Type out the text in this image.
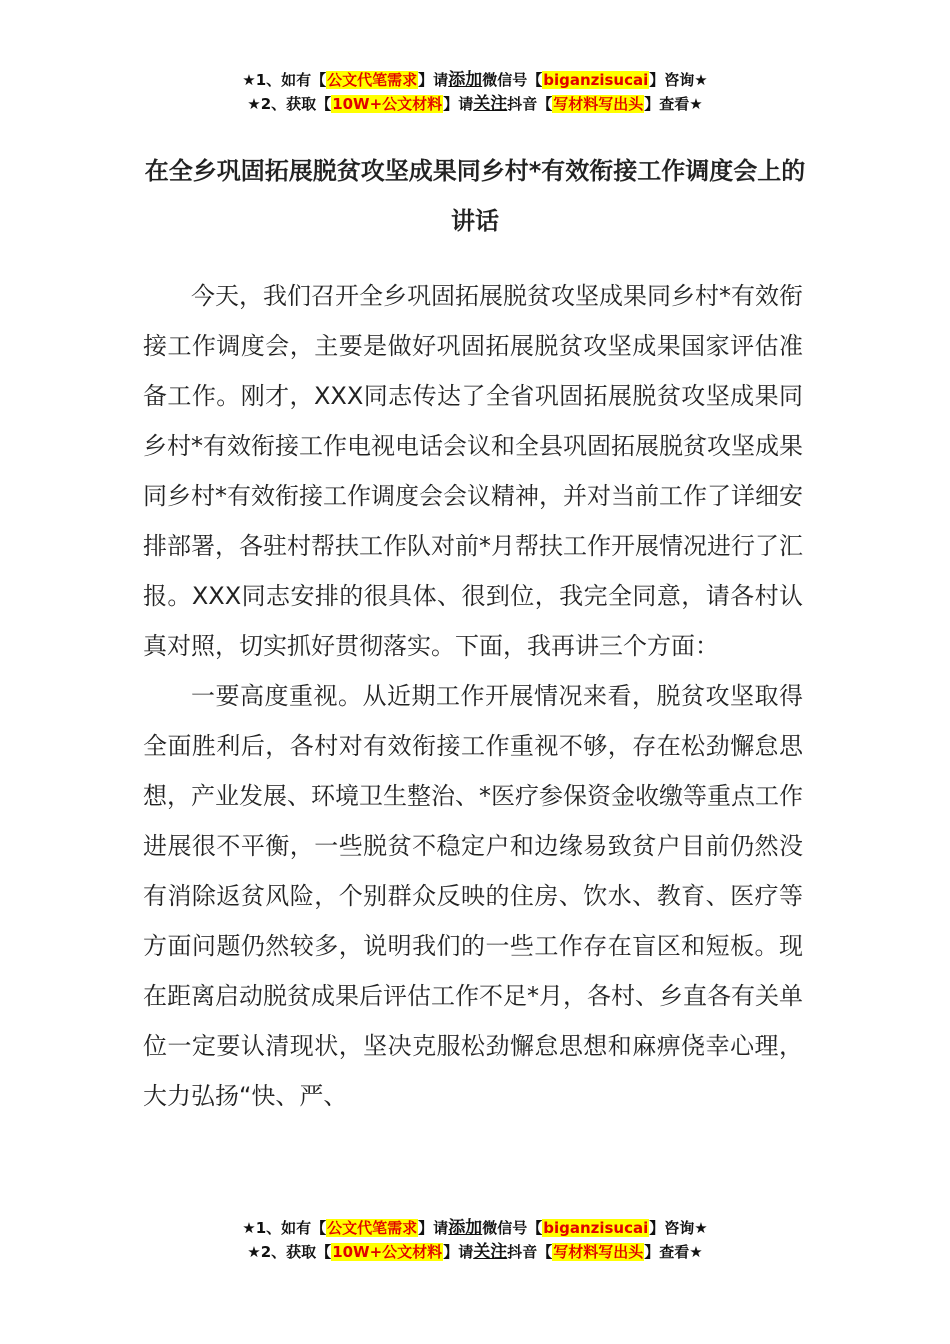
★1、如有【公文代笔需求】请添加微信号【biganzisucai】咨询★
★2、获取【10W+公文材料】请关注抖音【写材料写出头】查看★
在全乡巩固拓展脱贫攻坚成果同乡村*有效衔接工作调度会上的讲话

今天，我们召开全乡巩固拓展脱贫攻坚成果同乡村*有效衔接工作调度会，主要是做好巩固拓展脱贫攻坚成果国家评估准备工作。刚才，XXX同志传达了全省巩固拓展脱贫攻坚成果同乡村*有效衔接工作电视电话会议和全县巩固拓展脱贫攻坚成果同乡村*有效衔接工作调度会会议精神，并对当前工作了详细安排部署，各驻村帮扶工作队对前*月帮扶工作开展情况进行了汇报。XXX同志安排的很具体、很到位，我完全同意，请各村认真对照，切实抓好贯彻落实。下面，我再讲三个方面：

一要高度重视。从近期工作开展情况来看，脱贫攻坚取得全面胜利后，各村对有效衔接工作重视不够，存在松劲懈怠思想，产业发展、环境卫生整治、*医疗参保资金收缴等重点工作进展很不平衡，一些脱贫不稳定户和边缘易致贫户目前仍然没有消除返贫风险，个别群众反映的住房、饮水、教育、医疗等方面问题仍然较多，说明我们的一些工作存在盲区和短板。现在距离启动脱贫成果后评估工作不足*月，各村、乡直各有关单位一定要认清现状，坚决克服松劲懈怠思想和麻痹侥幸心理，大力弘扬“快、严、

★1、如有【公文代笔需求】请添加微信号【biganzisucai】咨询★
★2、获取【10W+公文材料】请关注抖音【写材料写出头】查看★
